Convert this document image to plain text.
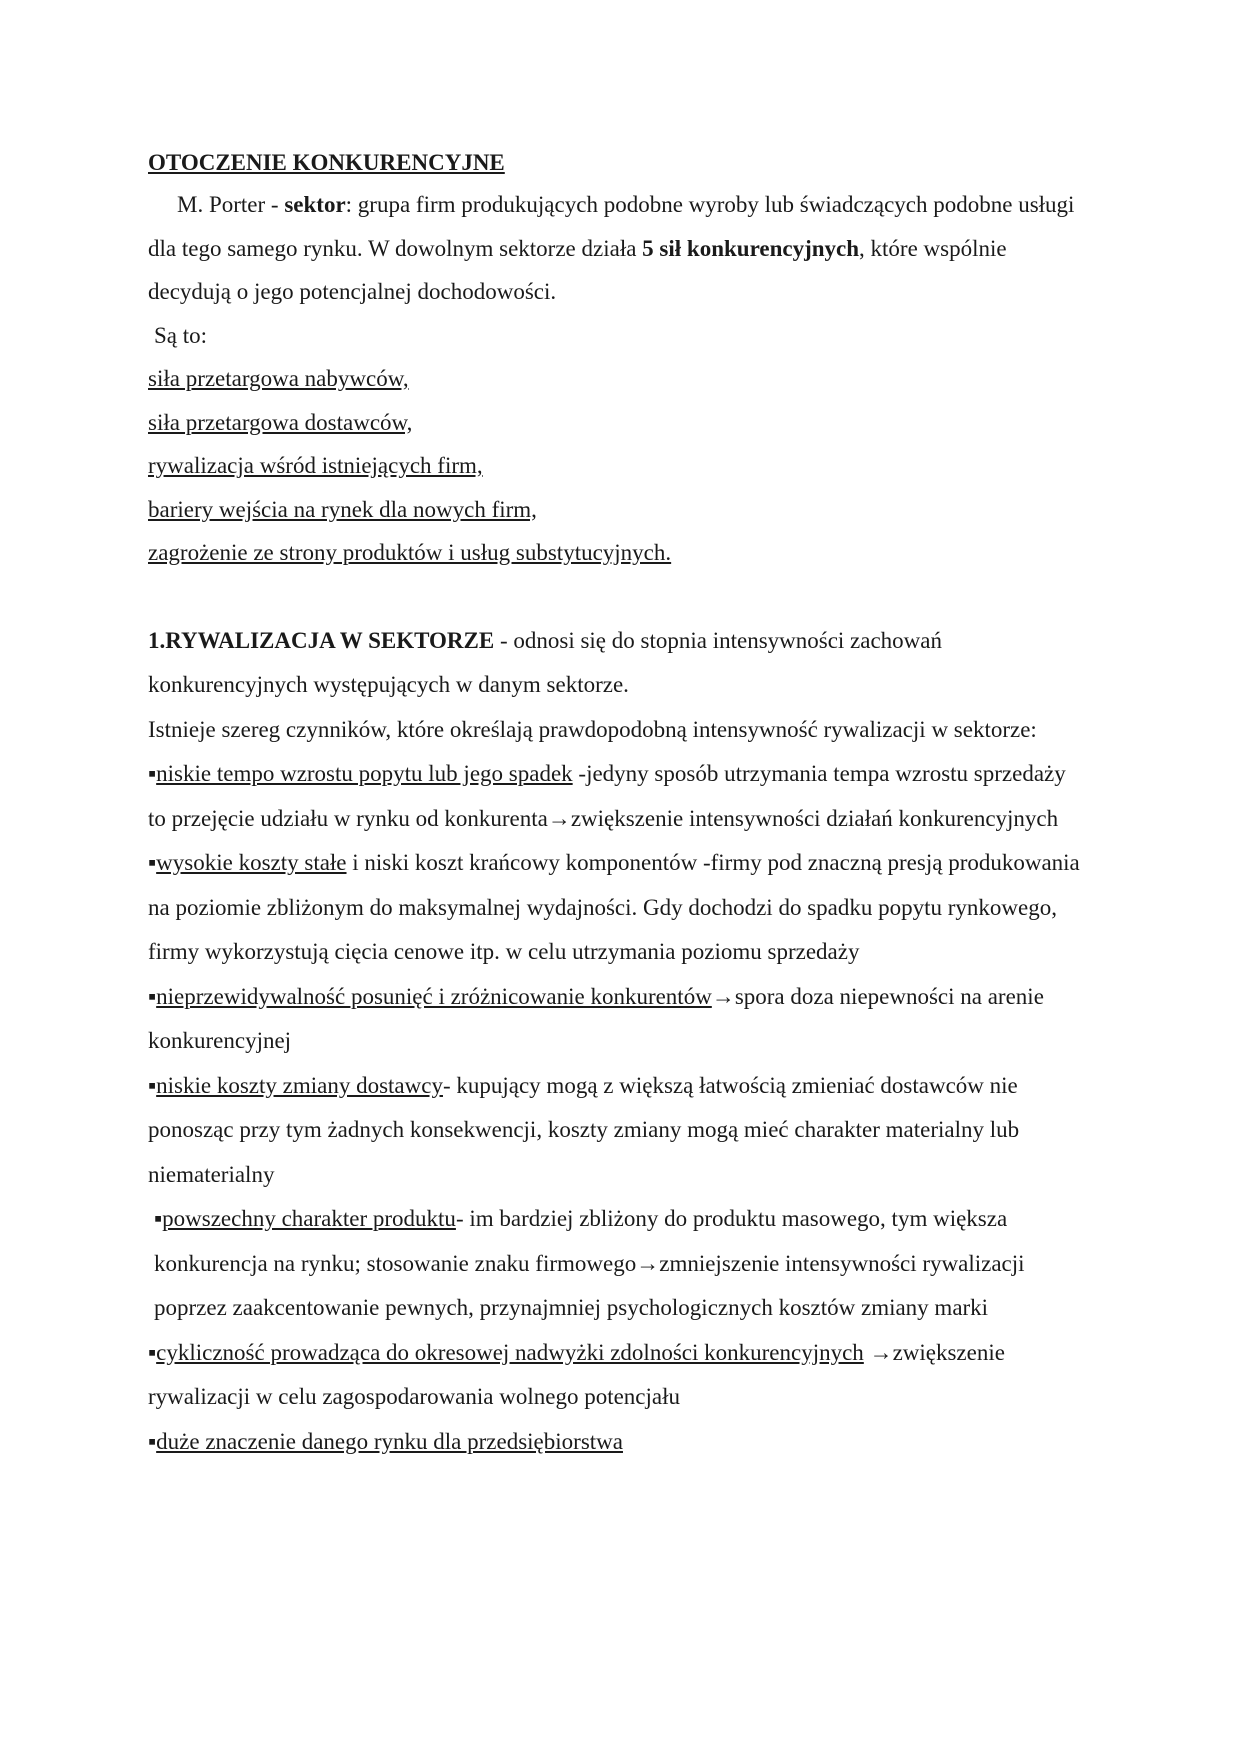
OTOCZENIE KONKURENCYJNE

M. Porter - sektor: grupa firm produkujących podobne wyroby lub świadczących podobne usługi dla tego samego rynku. W dowolnym sektorze działa 5 sił konkurencyjnych, które wspólnie decydują o jego potencjalnej dochodowości.

Są to:

siła przetargowa nabywców,

siła przetargowa dostawców,

rywalizacja wśród istniejących firm,

bariery wejścia na rynek dla nowych firm,

zagrożenie ze strony produktów i usług substytucyjnych.

1.RYWALIZACJA W SEKTORZE - odnosi się do stopnia intensywności zachowań konkurencyjnych występujących w danym sektorze.

Istnieje szereg czynników, które określają prawdopodobną intensywność rywalizacji w sektorze:

▪niskie tempo wzrostu popytu lub jego spadek -jedyny sposób utrzymania tempa wzrostu sprzedaży to przejęcie udziału w rynku od konkurenta→zwiększenie intensywności działań konkurencyjnych ▪wysokie koszty stałe i niski koszt krańcowy komponentów -firmy pod znaczną presją produkowania na poziomie zbliżonym do maksymalnej wydajności. Gdy dochodzi do spadku popytu rynkowego, firmy wykorzystują cięcia cenowe itp. w celu utrzymania poziomu sprzedaży

▪nieprzewidywalność posunięć i zróżnicowanie konkurentów→spora doza niepewności na arenie konkurencyjnej

▪niskie koszty zmiany dostawcy- kupujący mogą z większą łatwością zmieniać dostawców nie ponosząc przy tym żadnych konsekwencji, koszty zmiany mogą mieć charakter materialny lub niematerialny

▪powszechny charakter produktu- im bardziej zbliżony do produktu masowego, tym większa konkurencja na rynku; stosowanie znaku firmowego→zmniejszenie intensywności rywalizacji poprzez zaakcentowanie pewnych, przynajmniej psychologicznych kosztów zmiany marki

▪cykliczność prowadząca do okresowej nadwyżki zdolności konkurencyjnych →zwiększenie rywalizacji w celu zagospodarowania wolnego potencjału

▪duże znaczenie danego rynku dla przedsiębiorstwa
